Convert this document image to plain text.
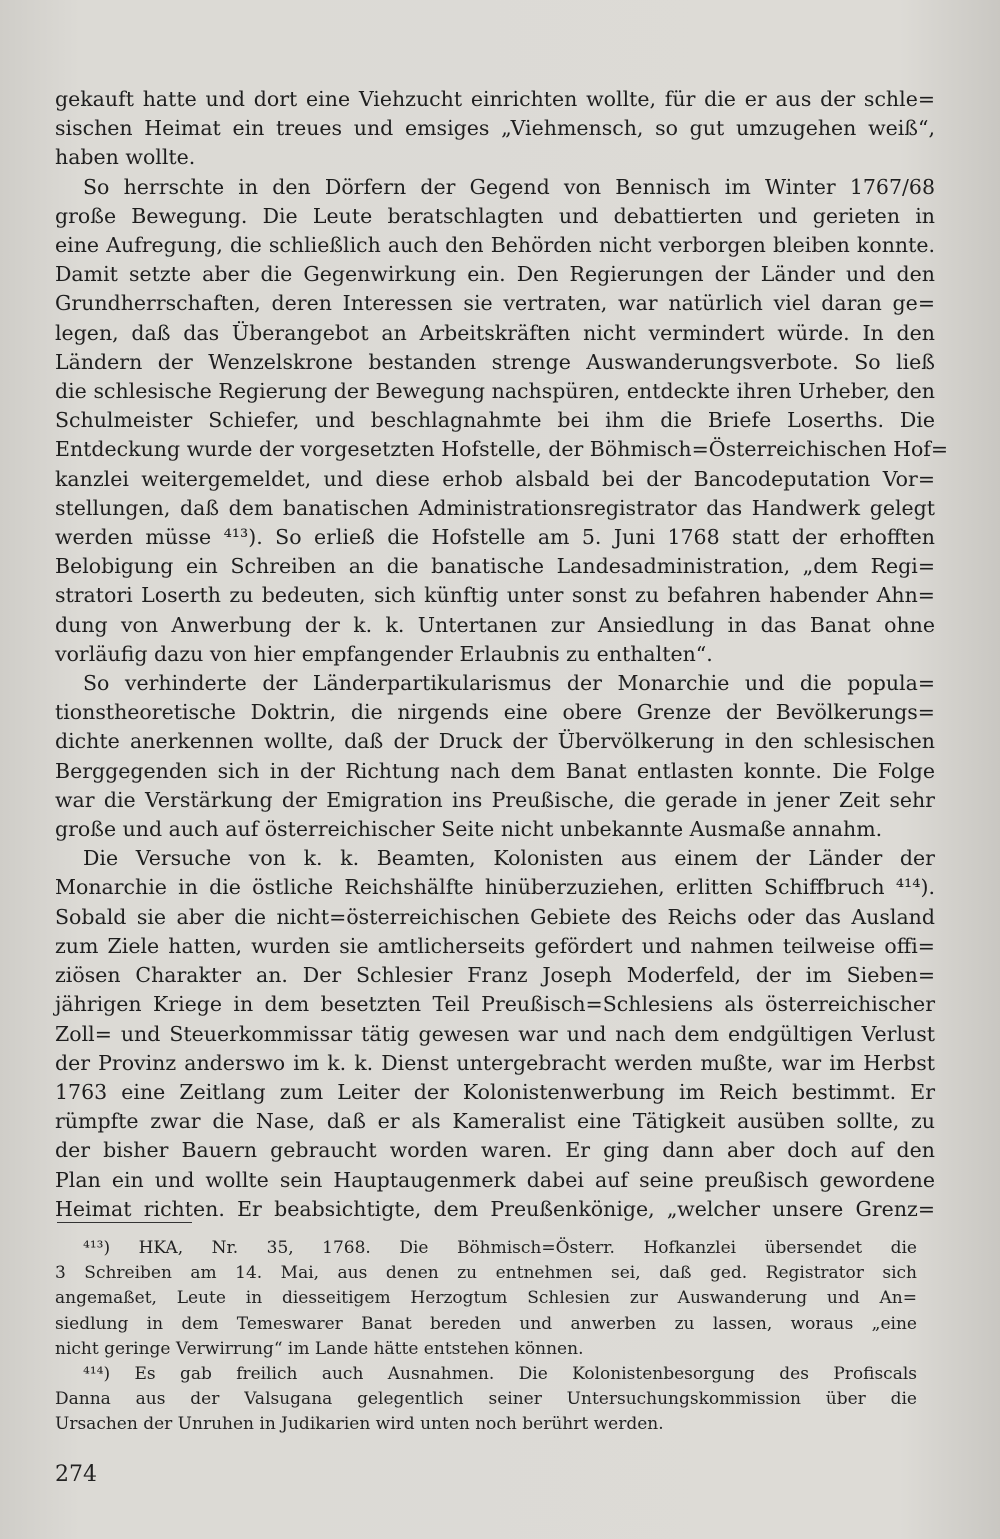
gekauft hatte und dort eine Viehzucht einrichten wollte, für die er aus der schle=
sischen Heimat ein treues und emsiges „Viehmensch, so gut umzugehen weiß“,
haben wollte.

So herrschte in den Dörfern der Gegend von Bennisch im Winter 1767/68
große Bewegung. Die Leute beratschlagten und debattierten und gerieten in
eine Aufregung, die schließlich auch den Behörden nicht verborgen bleiben konnte.
Damit setzte aber die Gegenwirkung ein. Den Regierungen der Länder und den
Grundherrschaften, deren Interessen sie vertraten, war natürlich viel daran ge=
legen, daß das Überangebot an Arbeitskräften nicht vermindert würde. In den
Ländern der Wenzelskrone bestanden strenge Auswanderungsverbote. So ließ
die schlesische Regierung der Bewegung nachspüren, entdeckte ihren Urheber, den
Schulmeister Schiefer, und beschlagnahmte bei ihm die Briefe Loserths. Die
Entdeckung wurde der vorgesetzten Hofstelle, der Böhmisch=Österreichischen Hof=
kanzlei weitergemeldet, und diese erhob alsbald bei der Bancodeputation Vor=
stellungen, daß dem banatischen Administrationsregistrator das Handwerk gelegt
werden müsse ⁴¹³). So erließ die Hofstelle am 5. Juni 1768 statt der erhofften
Belobigung ein Schreiben an die banatische Landesadministration, „dem Regi=
stratori Loserth zu bedeuten, sich künftig unter sonst zu befahren habender Ahn=
dung von Anwerbung der k. k. Untertanen zur Ansiedlung in das Banat ohne
vorläufig dazu von hier empfangender Erlaubnis zu enthalten“.

So verhinderte der Länderpartikularismus der Monarchie und die popula=
tionstheoretische Doktrin, die nirgends eine obere Grenze der Bevölkerungs=
dichte anerkennen wollte, daß der Druck der Übervölkerung in den schlesischen
Berggegenden sich in der Richtung nach dem Banat entlasten konnte. Die Folge
war die Verstärkung der Emigration ins Preußische, die gerade in jener Zeit sehr
große und auch auf österreichischer Seite nicht unbekannte Ausmaße annahm.

Die Versuche von k. k. Beamten, Kolonisten aus einem der Länder der
Monarchie in die östliche Reichshälfte hinüberzuziehen, erlitten Schiffbruch ⁴¹⁴).
Sobald sie aber die nicht=österreichischen Gebiete des Reichs oder das Ausland
zum Ziele hatten, wurden sie amtlicherseits gefördert und nahmen teilweise offi=
ziösen Charakter an. Der Schlesier Franz Joseph Moderfeld, der im Sieben=
jährigen Kriege in dem besetzten Teil Preußisch=Schlesiens als österreichischer
Zoll= und Steuerkommissar tätig gewesen war und nach dem endgültigen Verlust
der Provinz anderswo im k. k. Dienst untergebracht werden mußte, war im Herbst
1763 eine Zeitlang zum Leiter der Kolonistenwerbung im Reich bestimmt. Er
rümpfte zwar die Nase, daß er als Kameralist eine Tätigkeit ausüben sollte, zu
der bisher Bauern gebraucht worden waren. Er ging dann aber doch auf den
Plan ein und wollte sein Hauptaugenmerk dabei auf seine preußisch gewordene
Heimat richten. Er beabsichtigte, dem Preußenkönige, „welcher unsere Grenz=

⁴¹³) HKA, Nr. 35, 1768. Die Böhmisch=Österr. Hofkanzlei übersendet die
3 Schreiben am 14. Mai, aus denen zu entnehmen sei, daß ged. Registrator sich
angemaßet, Leute in diesseitigem Herzogtum Schlesien zur Auswanderung und An=
siedlung in dem Temeswarer Banat bereden und anwerben zu lassen, woraus „eine
nicht geringe Verwirrung“ im Lande hätte entstehen können.

⁴¹⁴) Es gab freilich auch Ausnahmen. Die Kolonistenbesorgung des Profiscals
Danna aus der Valsugana gelegentlich seiner Untersuchungskommission über die
Ursachen der Unruhen in Judikarien wird unten noch berührt werden.

274
